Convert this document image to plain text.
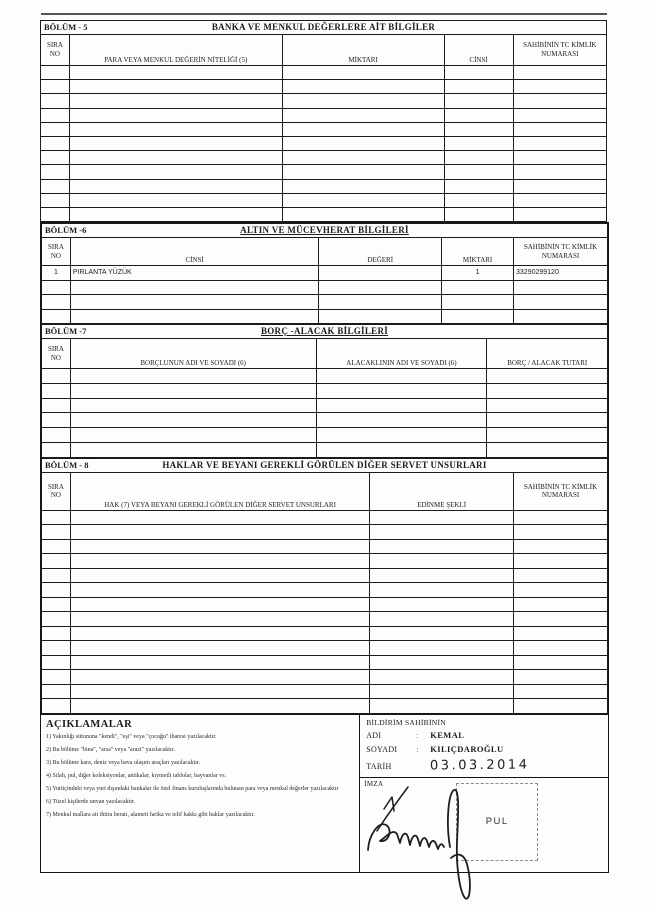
BÖLÜM - 5 BANKA VE MENKUL DEĞERLERE AİT BİLGİLER				

SIRA NO	PARA VEYA MENKUL DEĞERİN NİTELİĞİ (5)	MİKTARI	CİNSİ	SAHİBİNİN TC KİMLİK NUMARASI

BÖLÜM -6 ALTIN VE MÜCEVHERAT BİLGİLERİ				

SIRA NO	CİNSİ	DEĞERİ	MİKTARI	SAHİBİNİN TC KİMLİK NUMARASI
1	PIRLANTA YÜZÜK		1	33290299120

BÖLÜM -7 BORÇ -ALACAK BİLGİLERİ			

SIRA NO	BORÇLUNUN ADI VE SOYADI (6)	ALACAKLININ ADI VE SOYADI (6)	BORÇ / ALACAK TUTARI

BÖLÜM - 8 HAKLAR VE BEYANI GEREKLİ GÖRÜLEN DİĞER SERVET UNSURLARI			

SIRA NO	HAK (7) VEYA BEYANI GEREKLİ GÖRÜLEN DİĞER SERVET UNSURLARI	EDİNME ŞEKLİ	SAHİBİNİN TC KİMLİK NUMARASI

AÇIKLAMALAR
1) Yakınlığı sütununa "kendi", "eşi" veya "çocuğu" ibaresi yazılacaktır.
2) Bu bölüme "bina", "arsa" veya "arazi" yazılacaktır.
3) Bu bölüme kara, deniz veya hava ulaşım araçları yazılacaktır.
4) Silah, pul, diğer koleksiyonlar, antikalar, kıymetli tablolar, hayvanlar vs.
5) Yurtiçindeki veya yurt dışındaki bankalar ile özel finans kuruluşlarında bulunan para veya menkul değerler yazılacaktır
6) Tüzel kişilerde unvan yazılacaktır.
7) Menkul mallara ait ihtira beratı, alameti farika ve telif hakkı gibi haklar yazılacaktır.
BİLDİRİM SAHİBİNİN
ADI	:	KEMAL
SOYADI	:	KILIÇDAROĞLU
TARİH	03.03.2014
İMZA
PUL
